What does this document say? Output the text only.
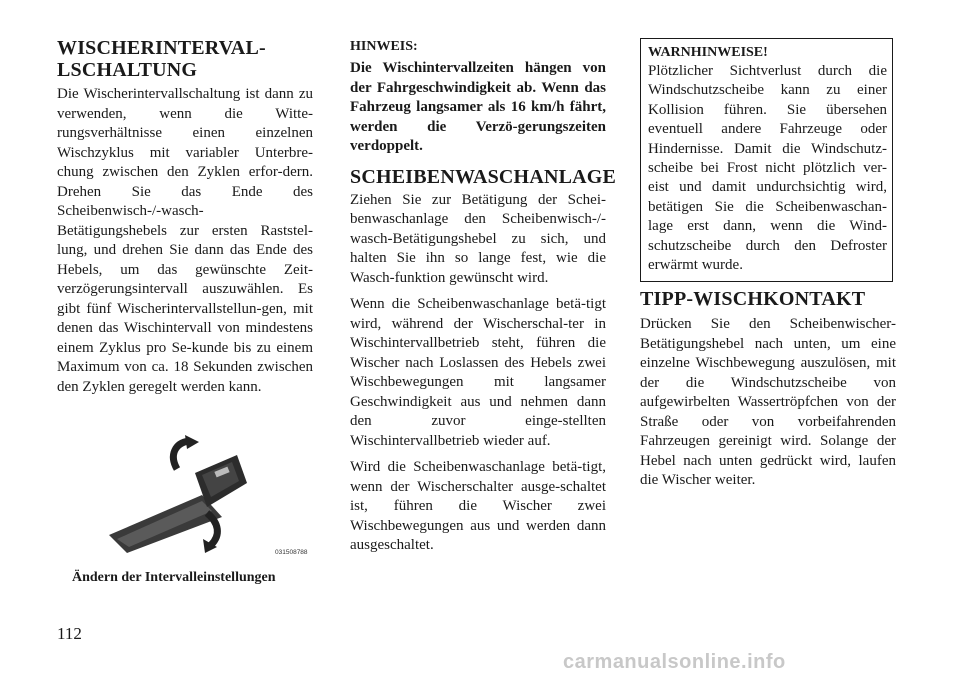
WISCHERINTERVAL-
LSCHALTUNG

Die Wischerintervallschaltung ist dann zu verwenden, wenn die Witte-rungsverhältnisse einen einzelnen Wischzyklus mit variabler Unterbre-chung zwischen den Zyklen erfor-dern. Drehen Sie das Ende des Scheibenwisch-/-wasch-Betätigungshebels zur ersten Raststel-lung, und drehen Sie dann das Ende des Hebels, um das gewünschte Zeit-verzögerungsintervall auszuwählen. Es gibt fünf Wischerintervallstellun-gen, mit denen das Wischintervall von mindestens einem Zyklus pro Se-kunde bis zu einem Maximum von ca. 18 Sekunden zwischen den Zyklen geregelt werden kann.

031508788
Ändern der Intervalleinstellungen
HINWEIS:

Die Wischintervallzeiten hängen von der Fahrgeschwindigkeit ab. Wenn das Fahrzeug langsamer als 16 km/h fährt, werden die Verzö-gerungszeiten verdoppelt.

SCHEIBENWASCHANLAGE

Ziehen Sie zur Betätigung der Schei-benwaschanlage den Scheibenwisch-/-wasch-Betätigungshebel zu sich, und halten Sie ihn so lange fest, wie die Wasch-funktion gewünscht wird.

Wenn die Scheibenwaschanlage betä-tigt wird, während der Wischerschal-ter in Wischintervallbetrieb steht, führen die Wischer nach Loslassen des Hebels zwei Wischbewegungen mit langsamer Geschwindigkeit aus und nehmen dann den zuvor einge-stellten Wischintervallbetrieb wieder auf.

Wird die Scheibenwaschanlage betä-tigt, wenn der Wischerschalter ausge-schaltet ist, führen die Wischer zwei Wischbewegungen aus und werden dann ausgeschaltet.

WARNHINWEISE!

Plötzlicher Sichtverlust durch die Windschutzscheibe kann zu einer Kollision führen. Sie übersehen eventuell andere Fahrzeuge oder Hindernisse. Damit die Windschutz-scheibe bei Frost nicht plötzlich ver-eist und damit undurchsichtig wird, betätigen Sie die Scheibenwaschan-lage erst dann, wenn die Wind-schutzscheibe durch den Defroster erwärmt wurde.

TIPP-WISCHKONTAKT

Drücken Sie den Scheibenwischer-Betätigungshebel nach unten, um eine einzelne Wischbewegung auszulösen, mit der die Windschutzscheibe von aufgewirbelten Wassertröpfchen von der Straße oder von vorbeifahrenden Fahrzeugen gereinigt wird. Solange der Hebel nach unten gedrückt wird, laufen die Wischer weiter.

112
carmanualsonline.info
